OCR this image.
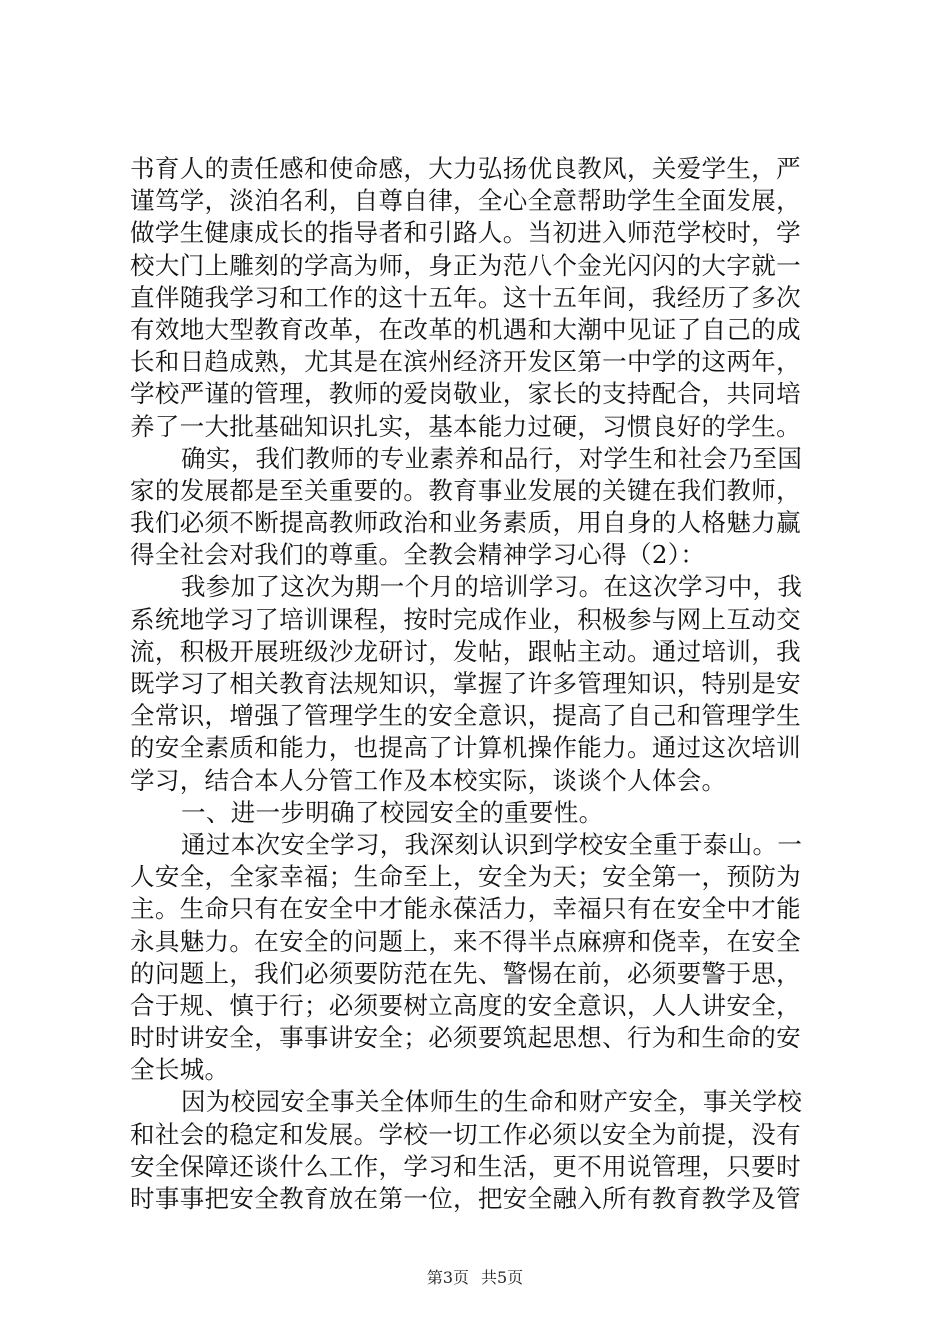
书育人的责任感和使命感，大力弘扬优良教风，关爱学生，严
谨笃学，淡泊名利，自尊自律，全心全意帮助学生全面发展，
做学生健康成长的指导者和引路人。当初进入师范学校时，学
校大门上雕刻的学高为师，身正为范八个金光闪闪的大字就一
直伴随我学习和工作的这十五年。这十五年间，我经历了多次
有效地大型教育改革，在改革的机遇和大潮中见证了自己的成
长和日趋成熟，尤其是在滨州经济开发区第一中学的这两年，
学校严谨的管理，教师的爱岗敬业，家长的支持配合，共同培
养了一大批基础知识扎实，基本能力过硬，习惯良好的学生。
确实，我们教师的专业素养和品行，对学生和社会乃至国
家的发展都是至关重要的。教育事业发展的关键在我们教师，
我们必须不断提高教师政治和业务素质，用自身的人格魅力赢
得全社会对我们的尊重。全教会精神学习心得（2）：
我参加了这次为期一个月的培训学习。在这次学习中，我
系统地学习了培训课程，按时完成作业，积极参与网上互动交
流，积极开展班级沙龙研讨，发帖，跟帖主动。通过培训，我
既学习了相关教育法规知识，掌握了许多管理知识，特别是安
全常识，增强了管理学生的安全意识，提高了自己和管理学生
的安全素质和能力，也提高了计算机操作能力。通过这次培训
学习，结合本人分管工作及本校实际，谈谈个人体会。
一、进一步明确了校园安全的重要性。
通过本次安全学习，我深刻认识到学校安全重于泰山。一
人安全，全家幸福；生命至上，安全为天；安全第一，预防为
主。生命只有在安全中才能永葆活力，幸福只有在安全中才能
永具魅力。在安全的问题上，来不得半点麻痹和侥幸，在安全
的问题上，我们必须要防范在先、警惕在前，必须要警于思，
合于规、慎于行；必须要树立高度的安全意识，人人讲安全，
时时讲安全，事事讲安全；必须要筑起思想、行为和生命的安
全长城。
因为校园安全事关全体师生的生命和财产安全，事关学校
和社会的稳定和发展。学校一切工作必须以安全为前提，没有
安全保障还谈什么工作，学习和生活，更不用说管理，只要时
时事事把安全教育放在第一位，把安全融入所有教育教学及管
第3页 共5页
